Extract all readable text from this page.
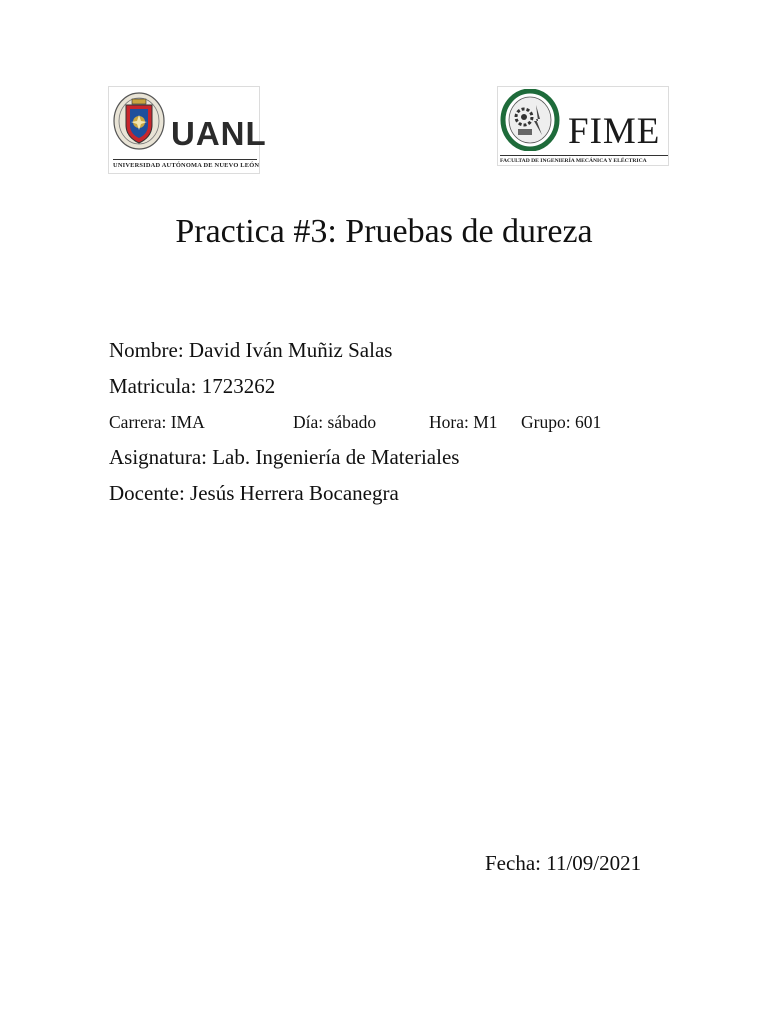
UANL
UNIVERSIDAD AUTÓNOMA DE NUEVO LEÓN
FIME
FACULTAD DE INGENIERÍA MECÁNICA Y ELÉCTRICA
Practica #3: Pruebas de dureza
Nombre: David Iván Muñiz Salas
Matricula: 1723262
Carrera: IMA	Día: sábado	Hora: M1 Grupo: 601
Asignatura: Lab. Ingeniería de Materiales
Docente: Jesús Herrera Bocanegra
Fecha: 11/09/2021
